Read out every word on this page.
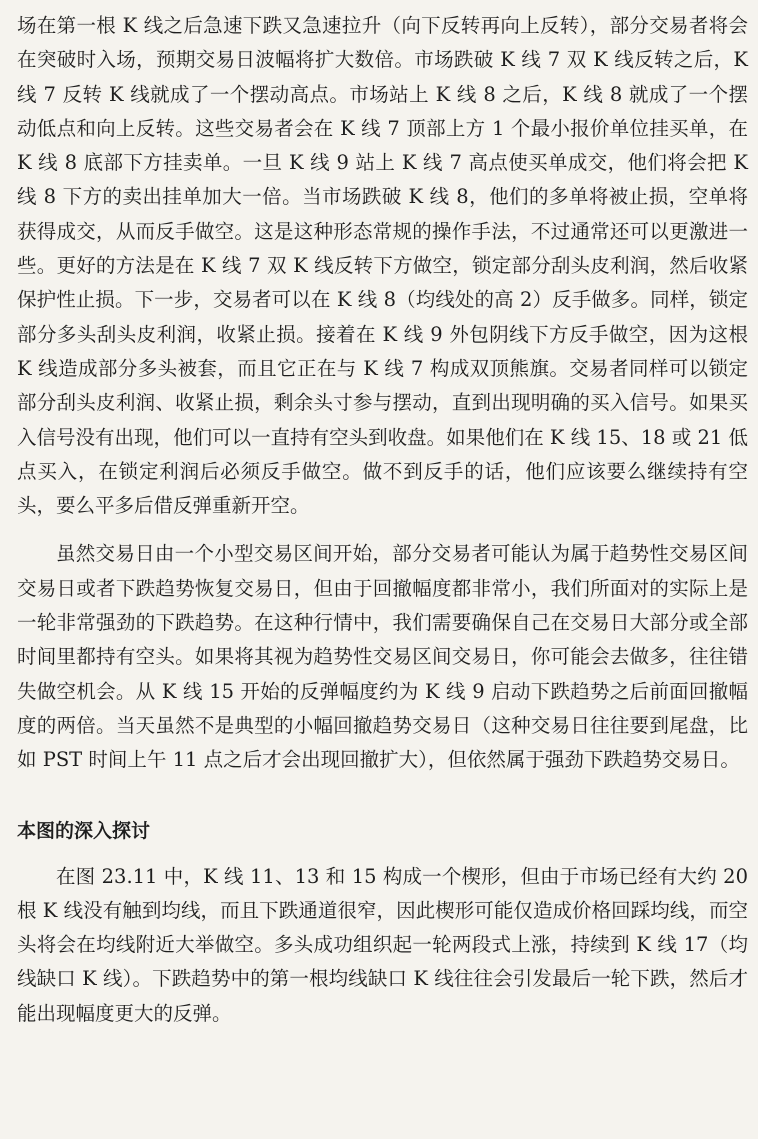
场在第一根 K 线之后急速下跌又急速拉升（向下反转再向上反转），部分交易者将会在突破时入场，预期交易日波幅将扩大数倍。市场跌破 K 线 7 双 K 线反转之后，K 线 7 反转 K 线就成了一个摆动高点。市场站上 K 线 8 之后，K 线 8 就成了一个摆动低点和向上反转。这些交易者会在 K 线 7 顶部上方 1 个最小报价单位挂买单，在 K 线 8 底部下方挂卖单。一旦 K 线 9 站上 K 线 7 高点使买单成交，他们将会把 K 线 8 下方的卖出挂单加大一倍。当市场跌破 K 线 8，他们的多单将被止损，空单将获得成交，从而反手做空。这是这种形态常规的操作手法，不过通常还可以更激进一些。更好的方法是在 K 线 7 双 K 线反转下方做空，锁定部分刮头皮利润，然后收紧保护性止损。下一步，交易者可以在 K 线 8（均线处的高 2）反手做多。同样，锁定部分多头刮头皮利润，收紧止损。接着在 K 线 9 外包阴线下方反手做空，因为这根 K 线造成部分多头被套，而且它正在与 K 线 7 构成双顶熊旗。交易者同样可以锁定部分刮头皮利润、收紧止损，剩余头寸参与摆动，直到出现明确的买入信号。如果买入信号没有出现，他们可以一直持有空头到收盘。如果他们在 K 线 15、18 或 21 低点买入，在锁定利润后必须反手做空。做不到反手的话，他们应该要么继续持有空头，要么平多后借反弹重新开空。

虽然交易日由一个小型交易区间开始，部分交易者可能认为属于趋势性交易区间交易日或者下跌趋势恢复交易日，但由于回撤幅度都非常小，我们所面对的实际上是一轮非常强劲的下跌趋势。在这种行情中，我们需要确保自己在交易日大部分或全部时间里都持有空头。如果将其视为趋势性交易区间交易日，你可能会去做多，往往错失做空机会。从 K 线 15 开始的反弹幅度约为 K 线 9 启动下跌趋势之后前面回撤幅度的两倍。当天虽然不是典型的小幅回撤趋势交易日（这种交易日往往要到尾盘，比如 PST 时间上午 11 点之后才会出现回撤扩大），但依然属于强劲下跌趋势交易日。

本图的深入探讨

在图 23.11 中，K 线 11、13 和 15 构成一个楔形，但由于市场已经有大约 20 根 K 线没有触到均线，而且下跌通道很窄，因此楔形可能仅造成价格回踩均线，而空头将会在均线附近大举做空。多头成功组织起一轮两段式上涨，持续到 K 线 17（均线缺口 K 线）。下跌趋势中的第一根均线缺口 K 线往往会引发最后一轮下跌，然后才能出现幅度更大的反弹。
